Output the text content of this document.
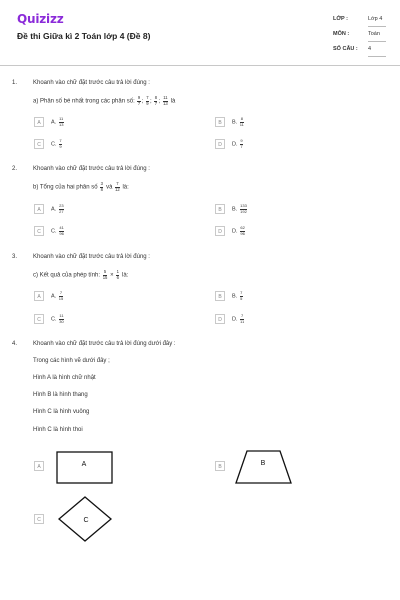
Quizizz
Đề thi Giữa kì 2 Toán lớp 4 (Đề 8)
LỚP :	Lớp 4
MÔN :	Toán
SỐ CÂU : 4
1.	Khoanh vào chữ đặt trước câu trả lời đúng :
a) Phân số bé nhất trong các phân số: $\frac{9}{7}$ ; $\frac{7}{9}$ ; $\frac{8}{7}$ ; $\frac{11}{13}$ là
A	A. $\frac{11}{13}$	B	B. $\frac{8}{11}$
C	C. $\frac{7}{9}$	D	D. $\frac{9}{7}$
2.	Khoanh vào chữ đặt trước câu trả lời đúng :
b) Tổng của hai phân số $\frac{3}{8}$ và $\frac{7}{12}$ là:
A	A. $\frac{23}{27}$	B	B. $\frac{133}{192}$
C	C. $\frac{41}{96}$	D	D. $\frac{62}{96}$
3.	Khoanh vào chữ đặt trước câu trả lời đúng :
c) Kết quả của phép tính: $\frac{5}{15} \times \frac{1}{6}$ là:
A	A. $\frac{7}{15}$	B	B. $\frac{7}{5}$
C	C. $\frac{11}{30}$	D	D. $\frac{7}{11}$
4.	Khoanh vào chữ đặt trước câu trả lời đúng dưới đây :
Trong các hình vẽ dưới đây ;
Hình A là hình chữ nhật
Hình B là hình thang
Hình C là hình vuông
Hình C là hình thoi
A	A	B	B
C	C
